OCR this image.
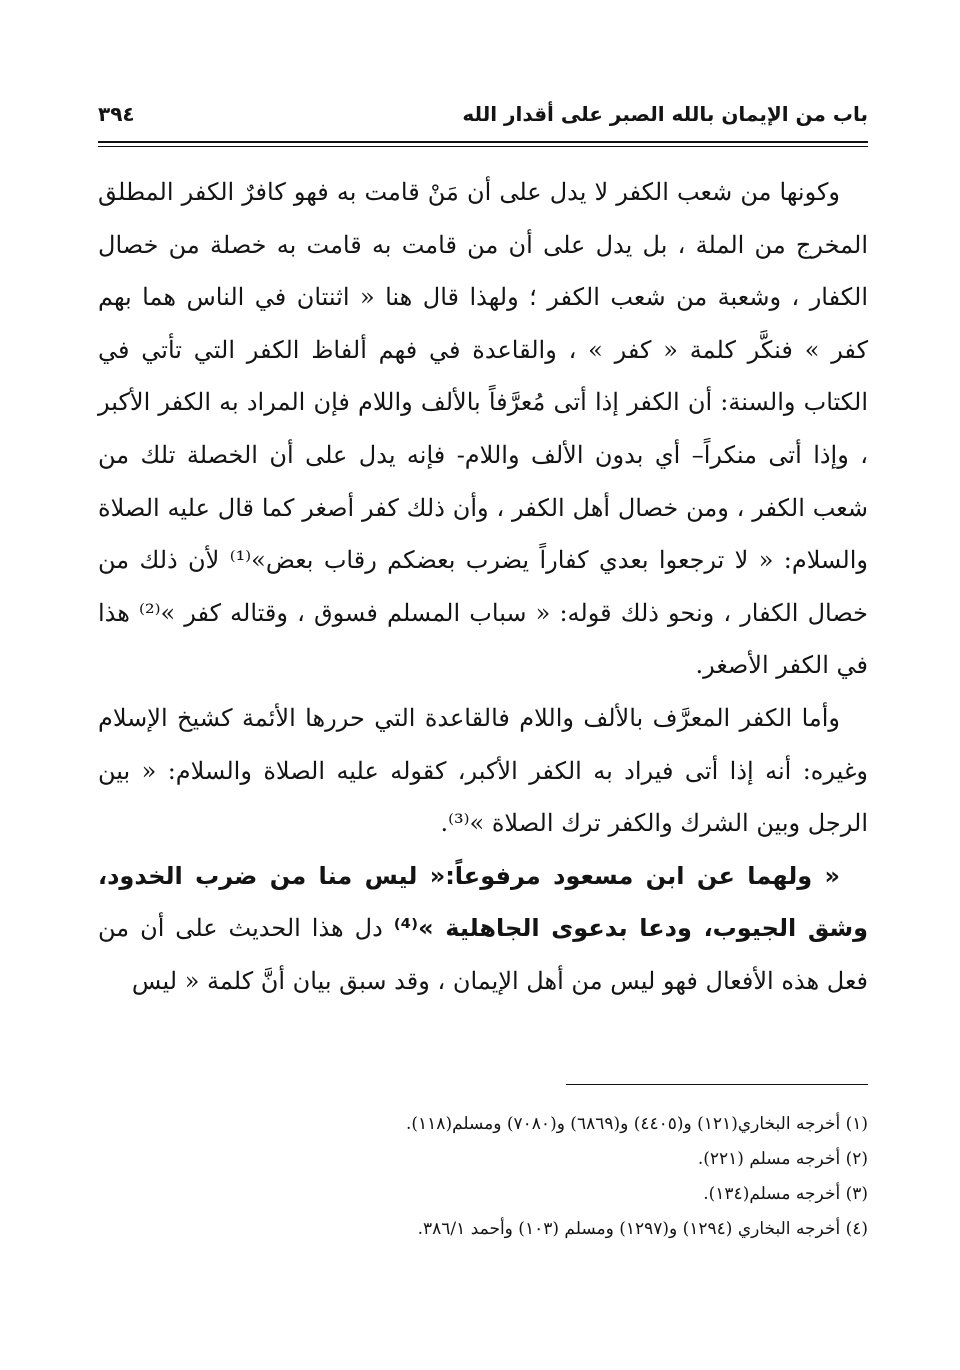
باب من الإيمان بالله الصبر على أقدار الله
٣٩٤

وكونها من شعب الكفر لا يدل على أن مَنْ قامت به فهو كافرٌ الكفر المطلق المخرج من الملة ، بل يدل على أن من قامت به قامت به خصلة من خصال الكفار ، وشعبة من شعب الكفر ؛ ولهذا قال هنا « اثنتان في الناس هما بهم كفر » فنكَّر كلمة « كفر » ، والقاعدة في فهم ألفاظ الكفر التي تأتي في الكتاب والسنة: أن الكفر إذا أتى مُعرَّفاً بالألف واللام فإن المراد به الكفر الأكبر ، وإذا أتى منكراً– أي بدون الألف واللام- فإنه يدل على أن الخصلة تلك من شعب الكفر ، ومن خصال أهل الكفر ، وأن ذلك كفر أصغر كما قال عليه الصلاة والسلام: « لا ترجعوا بعدي كفاراً يضرب بعضكم رقاب بعض»⁽¹⁾ لأن ذلك من خصال الكفار ، ونحو ذلك قوله: « سباب المسلم فسوق ، وقتاله كفر »⁽²⁾ هذا في الكفر الأصغر.

وأما الكفر المعرَّف بالألف واللام فالقاعدة التي حررها الأئمة كشيخ الإسلام وغيره: أنه إذا أتى فيراد به الكفر الأكبر، كقوله عليه الصلاة والسلام: « بين الرجل وبين الشرك والكفر ترك الصلاة »⁽³⁾.

« ولهما عن ابن مسعود مرفوعاً:« ليس منا من ضرب الخدود، وشق الجيوب، ودعا بدعوى الجاهلية »⁽⁴⁾ دل هذا الحديث على أن من فعل هذه الأفعال فهو ليس من أهل الإيمان ، وقد سبق بيان أنَّ كلمة « ليس

(١) أخرجه البخاري(١٢١) و(٤٤٠٥) و(٦٨٦٩) و(٧٠٨٠) ومسلم(١١٨).

(٢) أخرجه مسلم (٢٢١).

(٣) أخرجه مسلم(١٣٤).

(٤) أخرجه البخاري (١٢٩٤) و(١٢٩٧) ومسلم (١٠٣) وأحمد ٣٨٦/١.
